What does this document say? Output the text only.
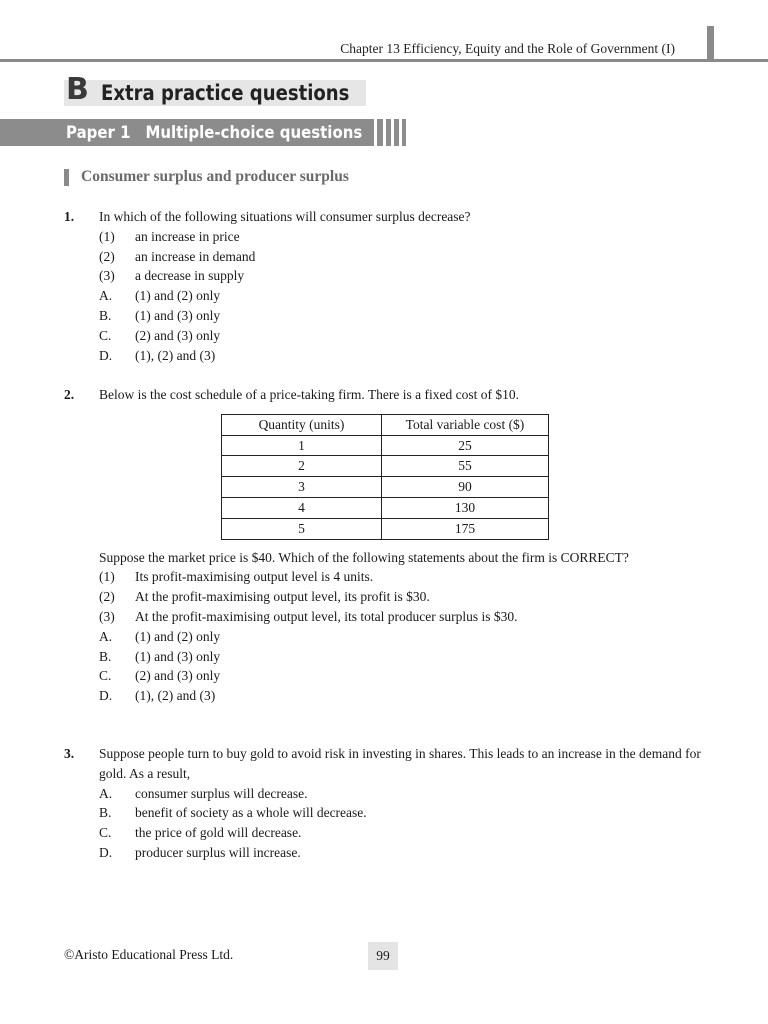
Chapter 13 Efficiency, Equity and the Role of Government (I)
B Extra practice questions
Paper 1 Multiple-choice questions
Consumer surplus and producer surplus
1. In which of the following situations will consumer surplus decrease?
(1)	an increase in price
(2)	an increase in demand
(3)	a decrease in supply
A.	(1) and (2) only
B.	(1) and (3) only
C.	(2) and (3) only
D.	(1), (2) and (3)
2. Below is the cost schedule of a price-taking firm. There is a fixed cost of $10.
Quantity (units)	Total variable cost ($)
1	25
2	55
3	90
4	130
5	175
Suppose the market price is $40. Which of the following statements about the firm is CORRECT?
(1)	Its profit-maximising output level is 4 units.
(2)	At the profit-maximising output level, its profit is $30.
(3)	At the profit-maximising output level, its total producer surplus is $30.
A.	(1) and (2) only
B.	(1) and (3) only
C.	(2) and (3) only
D.	(1), (2) and (3)
3. Suppose people turn to buy gold to avoid risk in investing in shares. This leads to an increase in the demand for gold. As a result,
A.	consumer surplus will decrease.
B.	benefit of society as a whole will decrease.
C.	the price of gold will decrease.
D.	producer surplus will increase.
©Aristo Educational Press Ltd.	99
